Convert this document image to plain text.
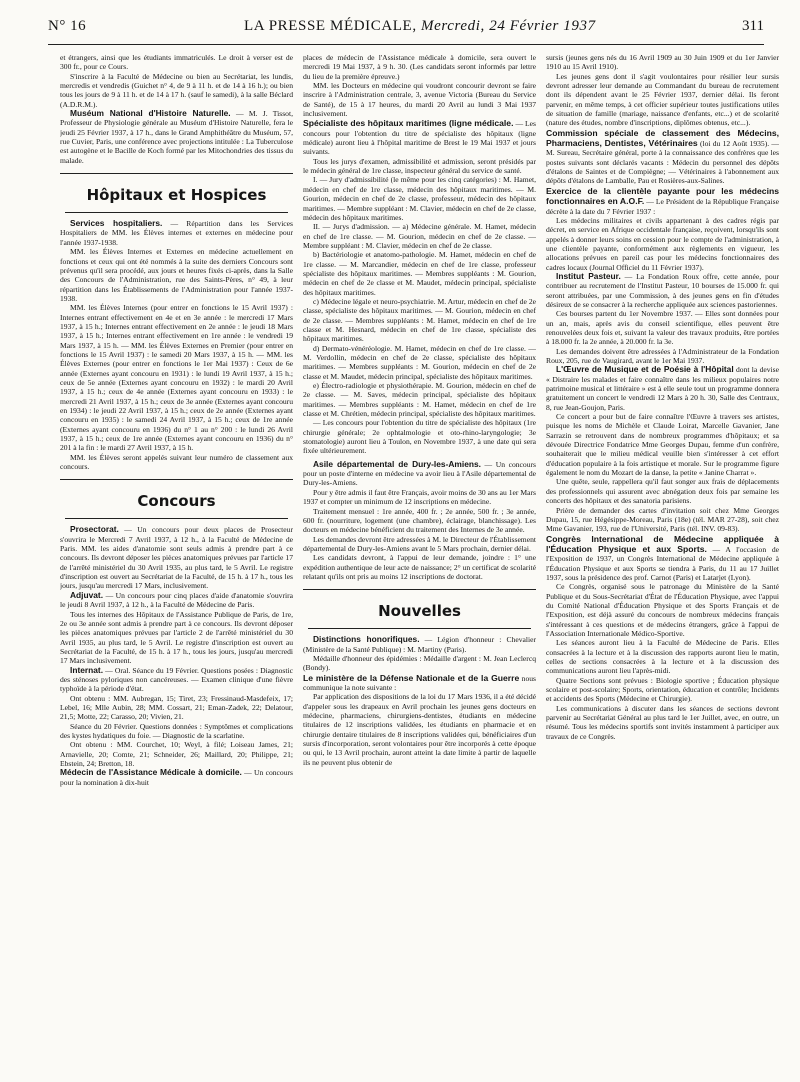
N° 16	LA PRESSE MÉDICALE, Mercredi, 24 Février 1937	311

et étrangers, ainsi que les étudiants immatriculés. Le droit à verser est de 300 fr., pour ce Cours.

S'inscrire à la Faculté de Médecine ou bien au Secrétariat, les lundis, mercredis et vendredis (Guichet n° 4, de 9 à 11 h. et de 14 à 16 h.); ou bien tous les jours de 9 à 11 h. et de 14 à 17 h. (sauf le samedi), à la salle Béclard (A.D.R.M.).

Muséum National d'Histoire Naturelle. — M. J. Tissot, Professeur de Physiologie générale au Muséum d'Histoire Naturelle, fera le jeudi 25 Février 1937, à 17 h., dans le Grand Amphithéâtre du Muséum, 57, rue Cuvier, Paris, une conférence avec projections intitulée : La Tuberculose est autogène et le Bacille de Koch formé par les Mitochondries des tissus du malade.

Hôpitaux et Hospices

Services hospitaliers. — Répartition dans les Services Hospitaliers de MM. les Élèves internes et externes en médecine pour l'année 1937-1938.

MM. les Élèves Internes et Externes en médecine actuellement en fonctions et ceux qui ont été nommés à la suite des derniers Concours sont prévenus qu'il sera procédé, aux jours et heures fixés ci-après, dans la Salle des Concours de l'Administration, rue des Saints-Pères, n° 49, à leur répartition dans les Établissements de l'Administration pour l'année 1937-1938.

MM. les Élèves Internes (pour entrer en fonctions le 15 Avril 1937) : Internes entrant effectivement en 4e et en 3e année : le mercredi 17 Mars 1937, à 15 h.; Internes entrant effectivement en 2e année : le jeudi 18 Mars 1937, à 15 h.; Internes entrant effectivement en 1re année : le vendredi 19 Mars 1937, à 15 h. — MM. les Élèves Externes en Premier (pour entrer en fonctions le 15 Avril 1937) : le samedi 20 Mars 1937, à 15 h. — MM. les Élèves Externes (pour entrer en fonctions le 1er Mai 1937) : Ceux de 6e année (Externes ayant concouru en 1931) : le lundi 19 Avril 1937, à 15 h.; ceux de 5e année (Externes ayant concouru en 1932) : le mardi 20 Avril 1937, à 15 h.; ceux de 4e année (Externes ayant concouru en 1933) : le mercredi 21 Avril 1937, à 15 h.; ceux de 3e année (Externes ayant concouru en 1934) : le jeudi 22 Avril 1937, à 15 h.; ceux de 2e année (Externes ayant concouru en 1935) : le samedi 24 Avril 1937, à 15 h.; ceux de 1re année (Externes ayant concouru en 1936) du n° 1 au n° 200 : le lundi 26 Avril 1937, à 15 h.; ceux de 1re année (Externes ayant concouru en 1936) du n° 201 à la fin : le mardi 27 Avril 1937, à 15 h.

MM. les Élèves seront appelés suivant leur numéro de classement aux concours.

Concours

Prosectorat. — Un concours pour deux places de Prosecteur s'ouvrira le Mercredi 7 Avril 1937, à 12 h., à la Faculté de Médecine de Paris. MM. les aides d'anatomie sont seuls admis à prendre part à ce concours. Ils devront déposer les pièces anatomiques prévues par l'article 17 de l'arrêté ministériel du 30 Avril 1935, au plus tard, le 5 Avril. Le registre d'inscription est ouvert au Secrétariat de la Faculté, de 15 h. à 17 h., tous les jours, jusqu'au mercredi 17 Mars, inclusivement.

Adjuvat. — Un concours pour cinq places d'aide d'anatomie s'ouvrira le jeudi 8 Avril 1937, à 12 h., à la Faculté de Médecine de Paris.

Tous les internes des Hôpitaux de l'Assistance Publique de Paris, de 1re, 2e ou 3e année sont admis à prendre part à ce concours. Ils devront déposer les pièces anatomiques prévues par l'article 2 de l'arrêté ministériel du 30 Avril 1935, au plus tard, le 5 Avril. Le registre d'inscription est ouvert au Secrétariat de la Faculté, de 15 h. à 17 h., tous les jours, jusqu'au mercredi 17 Mars inclusivement.

Internat. — Oral. Séance du 19 Février. Questions posées : Diagnostic des sténoses pyloriques non cancéreuses. — Examen clinique d'une fièvre typhoïde à la période d'état.

Ont obtenu : MM. Aubregan, 15; Tiret, 23; Fressinaud-Masdefeix, 17; Lebel, 16; Mlle Aubin, 28; MM. Cossart, 21; Eman-Zadek, 22; Delatour, 21,5; Motte, 22; Carasso, 20; Vivien, 21.

Séance du 20 Février. Questions données : Symptômes et complications des kystes hydatiques du foie. — Diagnostic de la scarlatine.

Ont obtenu : MM. Courchet, 10; Weyl, à filé; Loiseau James, 21; Arnavielle, 20; Comte, 21; Schneider, 26; Maillard, 20; Philippe, 21; Ebstein, 24; Bretton, 18.

Médecin de l'Assistance Médicale à domicile. — Un concours pour la nomination à dix-huit

places de médecin de l'Assistance médicale à domicile, sera ouvert le mercredi 19 Mai 1937, à 9 h. 30. (Les candidats seront informés par lettre du lieu de la première épreuve.)

MM. les Docteurs en médecine qui voudront concourir devront se faire inscrire à l'Administration centrale, 3, avenue Victoria (Bureau du Service de Santé), de 15 à 17 heures, du mardi 20 Avril au lundi 3 Mai 1937 inclusivement.

Spécialiste des hôpitaux maritimes (ligne médicale. — Les concours pour l'obtention du titre de spécialiste des hôpitaux (ligne médicale) auront lieu à l'hôpital maritime de Brest le 19 Mai 1937 et jours suivants.

Tous les jurys d'examen, admissibilité et admission, seront présidés par le médecin général de 1re classe, inspecteur général du service de santé.

I. — Jury d'admissibilité (le même pour les cinq catégories) : M. Hamet, médecin en chef de 1re classe, médecin des hôpitaux maritimes. — M. Gourion, médecin en chef de 2e classe, professeur, médecin des hôpitaux maritimes. — Membre suppléant : M. Clavier, médecin en chef de 2e classe, médecin des hôpitaux maritimes.

II. — Jurys d'admission. — a) Médecine générale. M. Hamet, médecin en chef de 1re classe. — M. Gourion, médecin en chef de 2e classe. — Membre suppléant : M. Clavier, médecin en chef de 2e classe.

b) Bactériologie et anatomo-pathologie. M. Hamet, médecin en chef de 1re classe. — M. Marcandier, médecin en chef de 1re classe, professeur spécialiste des hôpitaux maritimes. — Membres suppléants : M. Gourion, médecin en chef de 2e classe et M. Maudet, médecin principal, spécialiste des hôpitaux maritimes.

c) Médecine légale et neuro-psychiatrie. M. Artur, médecin en chef de 2e classe, spécialiste des hôpitaux maritimes. — M. Gourion, médecin en chef de 2e classe. — Membres suppléants : M. Hamet, médecin en chef de 1re classe et M. Hesnard, médecin en chef de 1re classe, spécialiste des hôpitaux maritimes.

d) Dermato-vénéréologie. M. Hamet, médecin en chef de 1re classe. — M. Verdollin, médecin en chef de 2e classe, spécialiste des hôpitaux maritimes. — Membres suppléants : M. Gourion, médecin en chef de 2e classe et M. Maudet, médecin principal, spécialiste des hôpitaux maritimes.

e) Électro-radiologie et physiothérapie. M. Gourion, médecin en chef de 2e classe. — M. Saves, médecin principal, spécialiste des hôpitaux maritimes. — Membres suppléants : M. Hamet, médecin en chef de 1re classe et M. Chrétien, médecin principal, spécialiste des hôpitaux maritimes.

— Les concours pour l'obtention du titre de spécialiste des hôpitaux (1re chirurgie générale; 2e ophtalmologie et oto-rhino-laryngologie; 3e stomatologie) auront lieu à Toulon, en Novembre 1937, à une date qui sera fixée ultérieurement.

Asile départemental de Dury-les-Amiens. — Un concours pour un poste d'interne en médecine va avoir lieu à l'Asile départemental de Dury-les-Amiens.

Pour y être admis il faut être Français, avoir moins de 30 ans au 1er Mars 1937 et compter un minimum de 12 inscriptions en médecine.

Traitement mensuel : 1re année, 400 fr. ; 2e année, 500 fr. ; 3e année, 600 fr. (nourriture, logement (une chambre), éclairage, blanchissage). Les docteurs en médecine bénéficient du traitement des Internes de 3e année.

Les demandes devront être adressées à M. le Directeur de l'Établissement départemental de Dury-les-Amiens avant le 5 Mars prochain, dernier délai.

Les candidats devront, à l'appui de leur demande, joindre : 1° une expédition authentique de leur acte de naissance; 2° un certificat de scolarité relatant qu'ils ont pris au moins 12 inscriptions de doctorat.

Nouvelles

Distinctions honorifiques. — Légion d'honneur : Chevalier (Ministère de la Santé Publique) : M. Martiny (Paris).

Médaille d'honneur des épidémies : Médaille d'argent : M. Jean Leclercq (Bondy).

Le ministère de la Défense Nationale et de la Guerre nous communique la note suivante :

Par application des dispositions de la loi du 17 Mars 1936, il a été décidé d'appeler sous les drapeaux en Avril prochain les jeunes gens docteurs en médecine, pharmaciens, chirurgiens-dentistes, étudiants en médecine titulaires de 12 inscriptions validées, les étudiants en pharmacie et en chirurgie dentaire titulaires de 8 inscriptions validées qui, bénéficiaires d'un sursis d'incorporation, seront volontaires pour être incorporés à cette époque ou qui, le 13 Avril prochain, auront atteint la date limite à partir de laquelle ils ne peuvent plus obtenir de

sursis (jeunes gens nés du 16 Avril 1909 au 30 Juin 1909 et du 1er Janvier 1910 au 15 Avril 1910).

Les jeunes gens dont il s'agit voulontaires pour résilier leur sursis devront adresser leur demande au Commandant du bureau de recrutement dont ils dépendent avant le 25 Février 1937, dernier délai. Ils feront parvenir, en même temps, à cet officier supérieur toutes justifications utiles de situation de famille (mariage, naissance d'enfants, etc...) et de scolarité (nature des études, nombre d'inscriptions, diplômes obtenus, etc...).

Commission spéciale de classement des Médecins, Pharmaciens, Dentistes, Vétérinaires (loi du 12 Août 1935). — M. Sureau, Secrétaire général, porte à la connaissance des confrères que les postes suivants sont déclarés vacants : Médecin du personnel des dépôts d'étalons de Saintes et de Compiègne; — Vétérinaires à l'abonnement aux dépôts d'étalons de Lamballe, Pau et Rosières-aux-Salines.

Exercice de la clientèle payante pour les médecins fonctionnaires en A.O.F. — Le Président de la République Française décrète à la date du 7 Février 1937 :

Les médecins militaires et civils appartenant à des cadres régis par décret, en service en Afrique occidentale française, reçoivent, lorsqu'ils sont appelés à donner leurs soins en cession pour le compte de l'administration, à une clientèle payante, conformément aux règlements en vigueur, les allocations prévues en pareil cas pour les médecins fonctionnaires des cadres locaux (Journal Officiel du 11 Février 1937).

Institut Pasteur. — La Fondation Roux offre, cette année, pour contribuer au recrutement de l'Institut Pasteur, 10 bourses de 15.000 fr. qui seront attribuées, par une Commission, à des jeunes gens en fin d'études désireux de se consacrer à la recherche appliquée aux sciences pastoriennes.

Ces bourses partent du 1er Novembre 1937. — Elles sont données pour un an, mais, après avis du conseil scientifique, elles peuvent être renouvelées deux fois et, suivant la valeur des travaux produits, être portées à 18.000 fr. la 2e année, à 20.000 fr. la 3e.

Les demandes doivent être adressées à l'Administrateur de la Fondation Roux, 205, rue de Vaugirard, avant le 1er Mai 1937.

L'Œuvre de Musique et de Poésie à l'Hôpital dont la devise « Distraire les malades et faire connaître dans les milieux populaires notre patrimoine musical et littéraire » est à elle seule tout un programme donnera gratuitement un concert le vendredi 12 Mars à 20 h. 30, Salle des Centraux, 8, rue Jean-Goujon, Paris.

Ce concert a pour but de faire connaître l'Œuvre à travers ses artistes, puisque les noms de Michèle et Claude Loirat, Marcelle Gavanier, Jane Sarrazin se retrouvent dans de nombreux programmes d'hôpitaux; et sa dévouée Directrice Fondatrice Mme Georges Dupau, femme d'un confrère, souhaiterait que le milieu médical veuille bien s'intéresser à cet effort d'éducation populaire à la fois artistique et morale. Sur le programme figure également le nom du Mozart de la danse, la petite « Janine Charrat ».

Une quête, seule, rappellera qu'il faut songer aux frais de déplacements des professionnels qui assurent avec abnégation deux fois par semaine les concerts des hôpitaux et des sanatoria parisiens.

Prière de demander des cartes d'invitation soit chez Mme Georges Dupau, 15, rue Hégésippe-Moreau, Paris (18e) (tél. MAR 27-28), soit chez Mme Gavanier, 193, rue de l'Université, Paris (tél. INV. 09-83).

Congrès International de Médecine appliquée à l'Éducation Physique et aux Sports. — A l'occasion de l'Exposition de 1937, un Congrès International de Médecine appliquée à l'Éducation Physique et aux Sports se tiendra à Paris, du 11 au 17 Juillet 1937, sous la présidence des prof. Carnot (Paris) et Latarjet (Lyon).

Ce Congrès, organisé sous le patronage du Ministère de la Santé Publique et du Sous-Secrétariat d'État de l'Éducation Physique, avec l'appui du Comité National d'Éducation Physique et des Sports Français et de l'Exposition, est déjà assuré du concours de nombreux médecins français s'intéressant à ces questions et de médecins étrangers, grâce à l'appui de l'Association Internationale Médico-Sportive.

Les séances auront lieu à la Faculté de Médecine de Paris. Elles consacrées à la lecture et à la discussion des rapports auront lieu le matin, celles de sections consacrées à la lecture et à la discussion des communications auront lieu l'après-midi.

Quatre Sections sont prévues : Biologie sportive ; Éducation physique scolaire et post-scolaire; Sports, orientation, éducation et contrôle; Incidents et accidents des Sports (Médecine et Chirurgie).

Les communications à discuter dans les séances de sections devront parvenir au Secrétariat Général au plus tard le 1er Juillet, avec, en outre, un résumé. Tous les médecins sportifs sont invités instamment à participer aux travaux de ce Congrès.
